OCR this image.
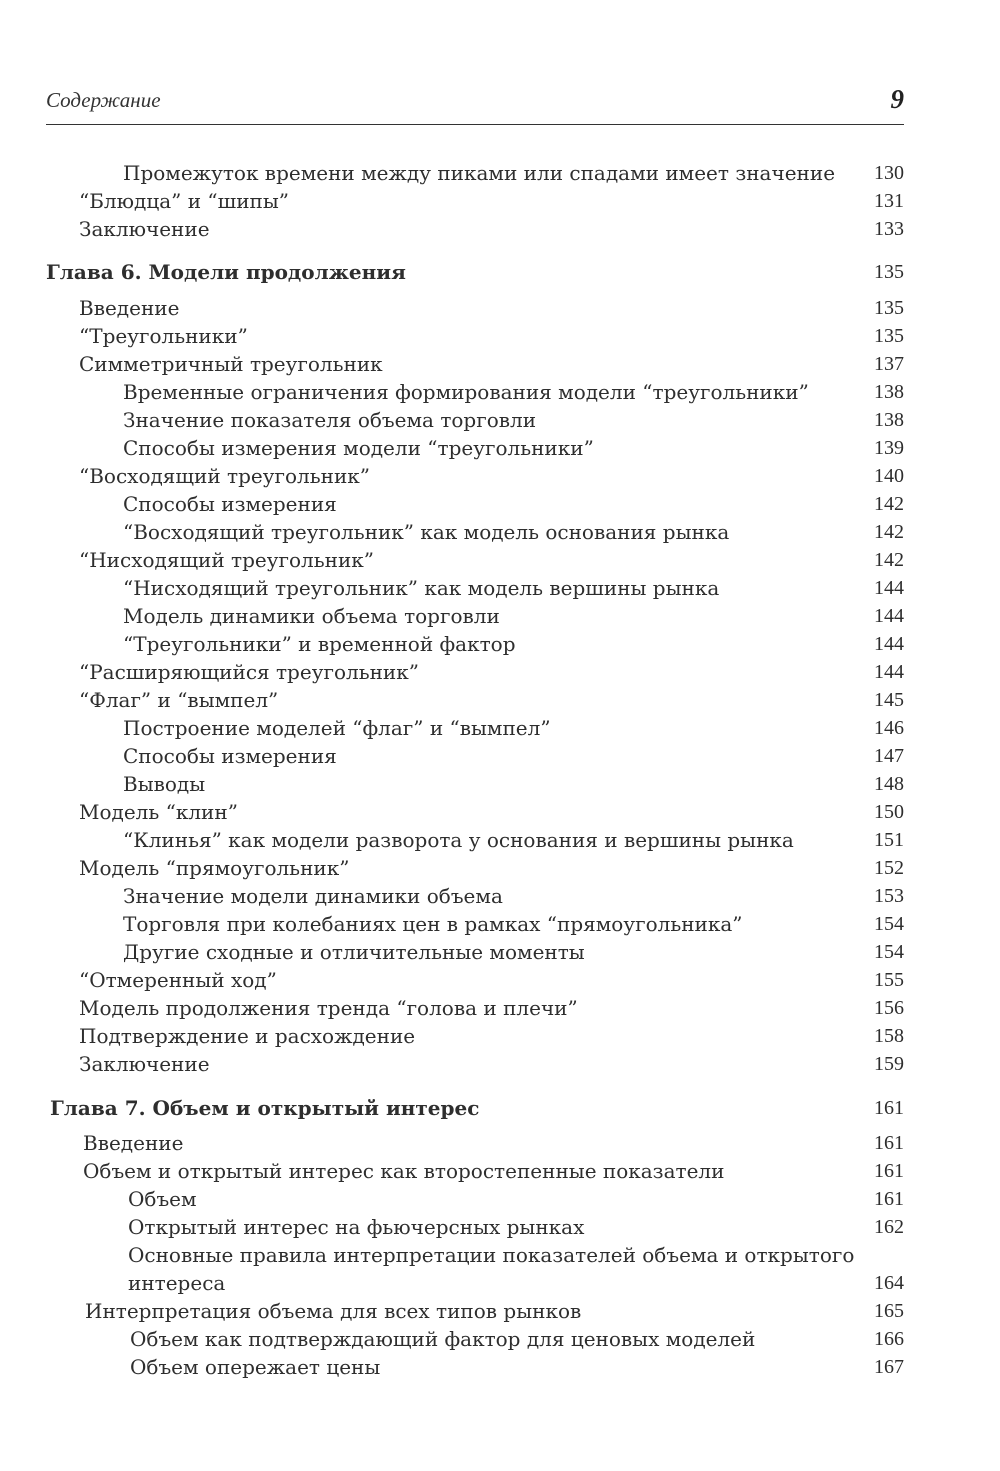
Содержание	9
Промежуток времени между пиками или спадами имеет значение 130
“Блюдца” и “шипы”	131
Заключение	133
Глава 6. Модели продолжения	135
Введение	135
“Треугольники”	135
Симметричный треугольник	137
Временные ограничения формирования модели “треугольники”	138
Значение показателя объема торговли	138
Способы измерения модели “треугольники”	139
“Восходящий треугольник”	140
Способы измерения	142
“Восходящий треугольник” как модель основания рынка	142
“Нисходящий треугольник”	142
“Нисходящий треугольник” как модель вершины рынка	144
Модель динамики объема торговли	144
“Треугольники” и временной фактор	144
“Расширяющийся треугольник”	144
“Флаг” и “вымпел”	145
Построение моделей “флаг” и “вымпел”	146
Способы измерения	147
Выводы	148
Модель “клин”	150
“Клинья” как модели разворота у основания и вершины рынка	151
Модель “прямоугольник”	152
Значение модели динамики объема	153
Торговля при колебаниях цен в рамках “прямоугольника”	154
Другие сходные и отличительные моменты	154
“Отмеренный ход”	155
Модель продолжения тренда “голова и плечи”	156
Подтверждение и расхождение	158
Заключение	159
Глава 7. Объем и открытый интерес	161
Введение	161
Объем и открытый интерес как второстепенные показатели	161
Объем	161
Открытый интерес на фьючерсных рынках	162
Основные правила интерпретации показателей объема и открытого
интереса	164
Интерпретация объема для всех типов рынков	165
Объем как подтверждающий фактор для ценовых моделей	166
Объем опережает цены	167
